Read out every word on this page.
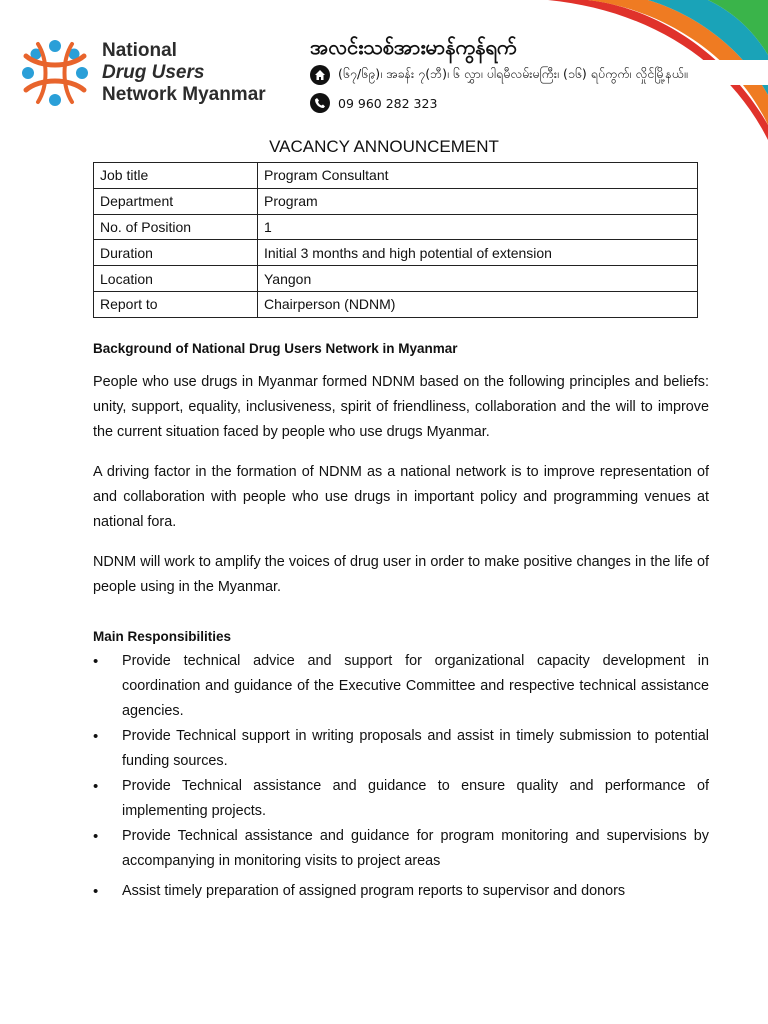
National
Drug Users
Network Myanmar
အလင်းသစ်အားမာန်ကွန်ရက်
(၆၇/၆၉)၊ အခန်း ၇(ဘီ)၊ ၆ လွှာ၊ ပါရမီလမ်းမကြီး၊ (၁၆) ရပ်ကွက်၊ လှိုင်မြို့နယ်။
09 960 282 323
VACANCY ANNOUNCEMENT
Job title	Program Consultant
Department	Program
No. of Position	1
Duration	Initial 3 months and high potential of extension
Location	Yangon
Report to	Chairperson (NDNM)
Background of National Drug Users Network in Myanmar

People who use drugs in Myanmar formed NDNM based on the following principles and beliefs: unity, support, equality, inclusiveness, spirit of friendliness, collaboration and the will to improve the current situation faced by people who use drugs Myanmar.

A driving factor in the formation of NDNM as a national network is to improve representation of and collaboration with people who use drugs in important policy and programming venues at national fora.

NDNM will work to amplify the voices of drug user in order to make positive changes in the life of people using in the Myanmar.

Main Responsibilities
• Provide technical advice and support for organizational capacity development in coordination and guidance of the Executive Committee and respective technical assistance agencies.
• Provide Technical support in writing proposals and assist in timely submission to potential funding sources.
• Provide Technical assistance and guidance to ensure quality and performance of implementing projects.
• Provide Technical assistance and guidance for program monitoring and supervisions by accompanying in monitoring visits to project areas
• Assist timely preparation of assigned program reports to supervisor and donors
